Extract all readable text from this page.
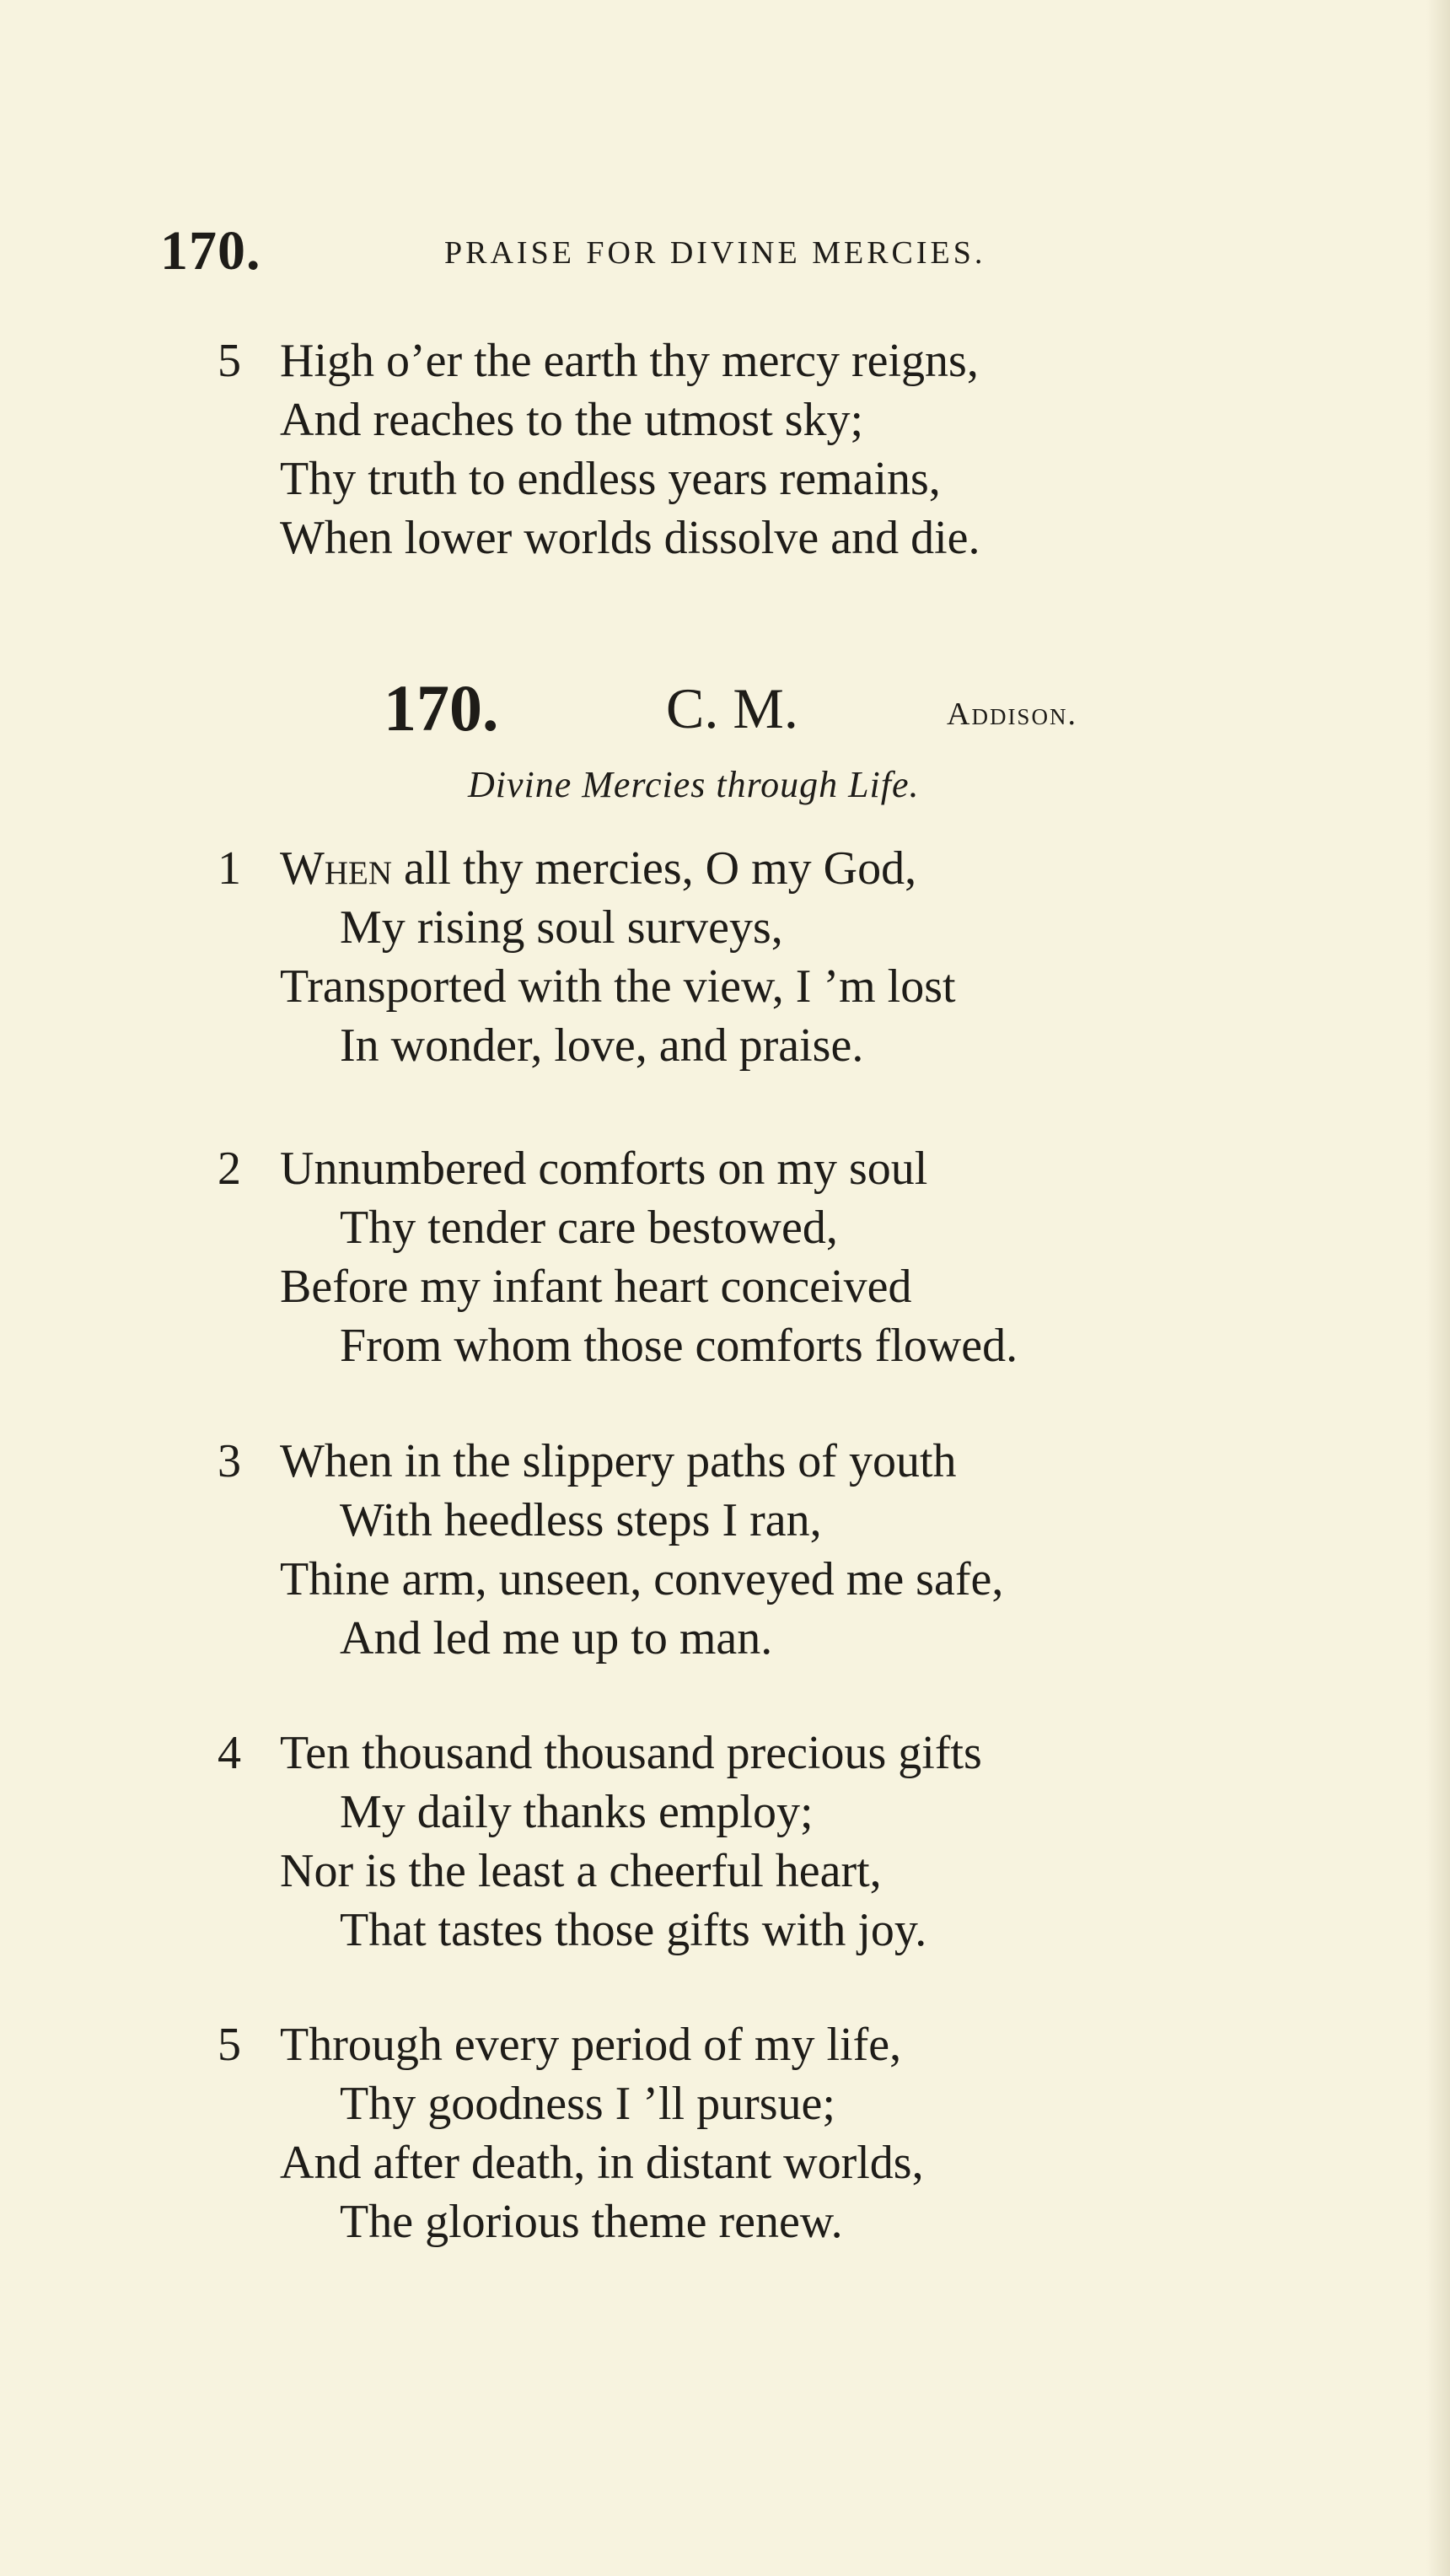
170.	PRAISE FOR DIVINE MERCIES.
5 High o’er the earth thy mercy reigns,
And reaches to the utmost sky;
Thy truth to endless years remains,
When lower worlds dissolve and die.
170.	C. M.	Addison.
Divine Mercies through Life.
1 When all thy mercies, O my God,
My rising soul surveys,
Transported with the view, I ’m lost
In wonder, love, and praise.
2 Unnumbered comforts on my soul
Thy tender care bestowed,
Before my infant heart conceived
From whom those comforts flowed.
3 When in the slippery paths of youth
With heedless steps I ran,
Thine arm, unseen, conveyed me safe,
And led me up to man.
4 Ten thousand thousand precious gifts
My daily thanks employ;
Nor is the least a cheerful heart,
That tastes those gifts with joy.
5 Through every period of my life,
Thy goodness I ’ll pursue;
And after death, in distant worlds,
The glorious theme renew.
